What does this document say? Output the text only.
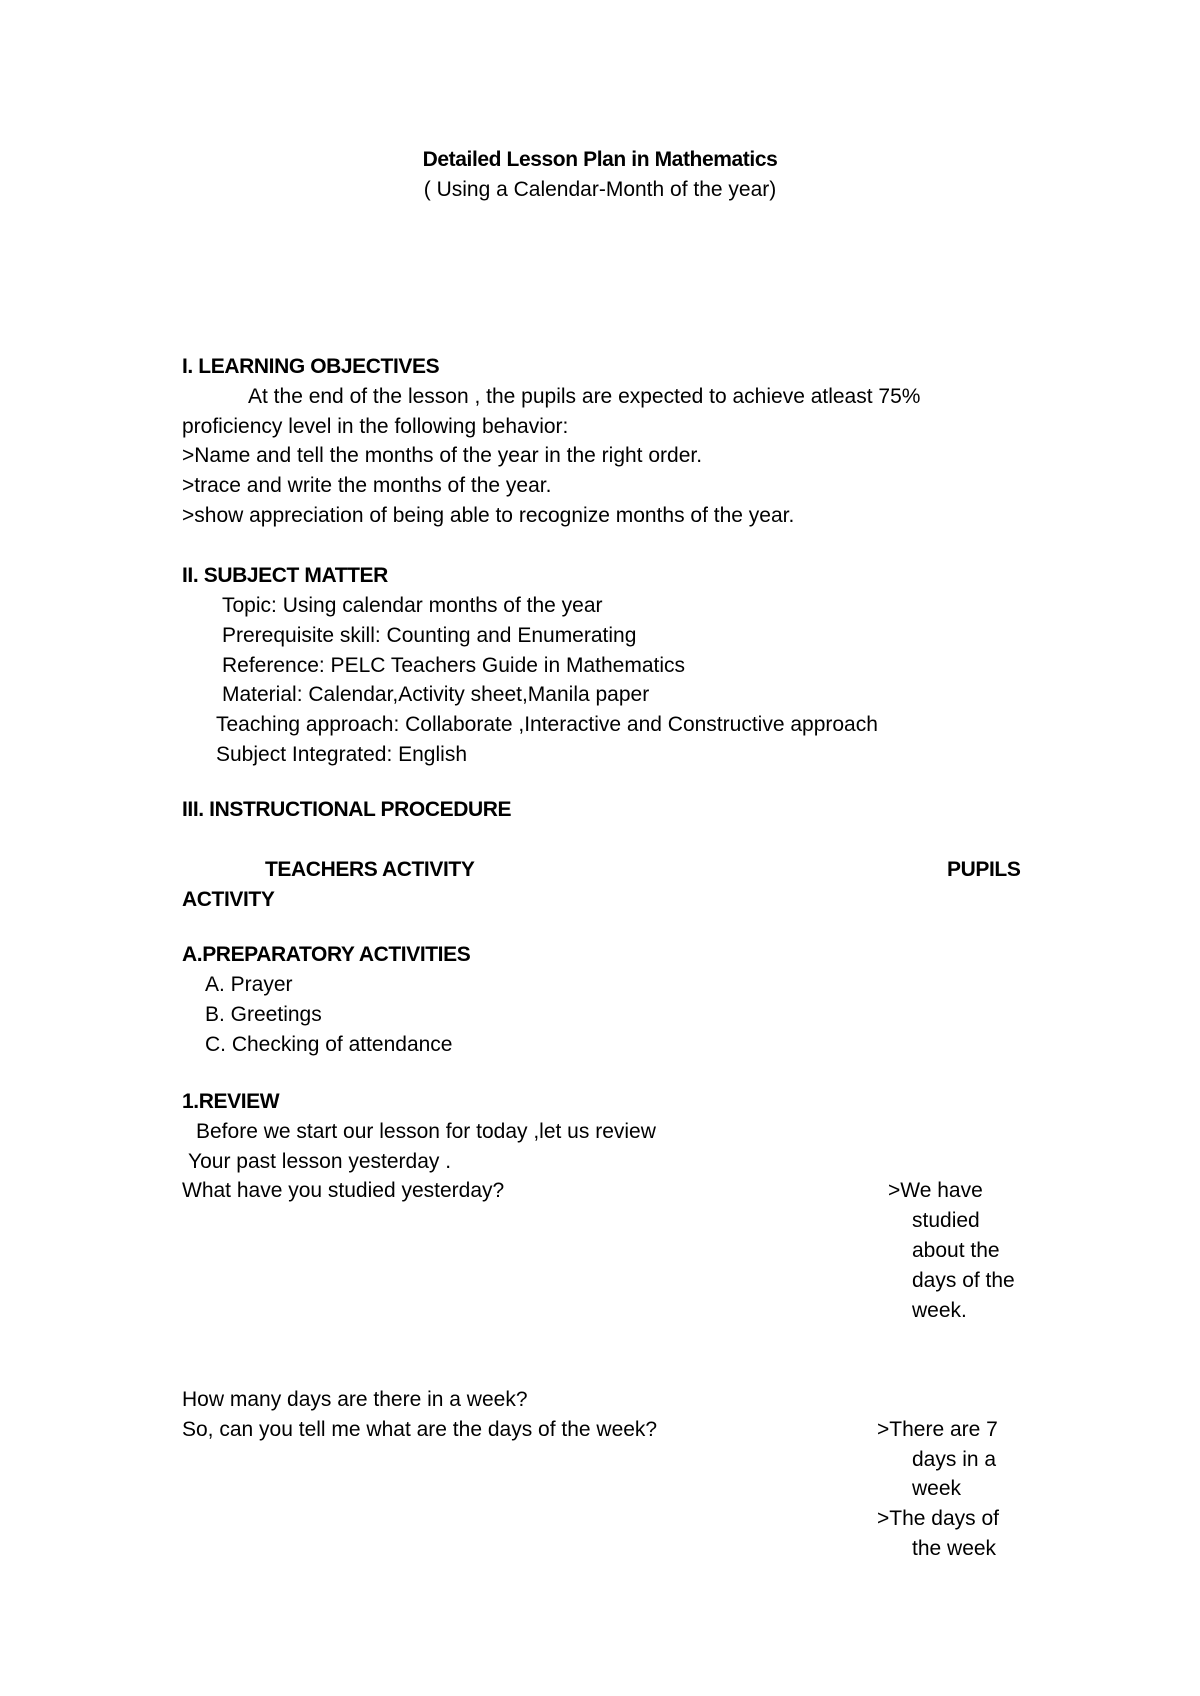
Detailed Lesson Plan in Mathematics
( Using a Calendar-Month of the year)
I. LEARNING OBJECTIVES
At the end of the lesson , the pupils are expected to achieve atleast 75%
proficiency level in the following behavior:
>Name and tell the months of the year in the right order.
>trace and write the months of the year.
>show appreciation of being able to recognize months of the year.
II. SUBJECT MATTER
Topic: Using calendar months of the year
Prerequisite skill: Counting and Enumerating
Reference: PELC Teachers Guide in Mathematics
Material: Calendar,Activity sheet,Manila paper
Teaching approach: Collaborate ,Interactive and Constructive approach
Subject Integrated: English
III. INSTRUCTIONAL PROCEDURE
TEACHERS ACTIVITY	PUPILS
ACTIVITY
A.PREPARATORY ACTIVITIES
A. Prayer
B. Greetings
C. Checking of attendance
1.REVIEW
Before we start our lesson for today ,let us review
Your past lesson yesterday .
What have you studied yesterday?	>We have
studied
about the
days of the
week.
How many days are there in a week?
So, can you tell me what are the days of the week?	>There are 7
days in a
week
>The days of
the week
